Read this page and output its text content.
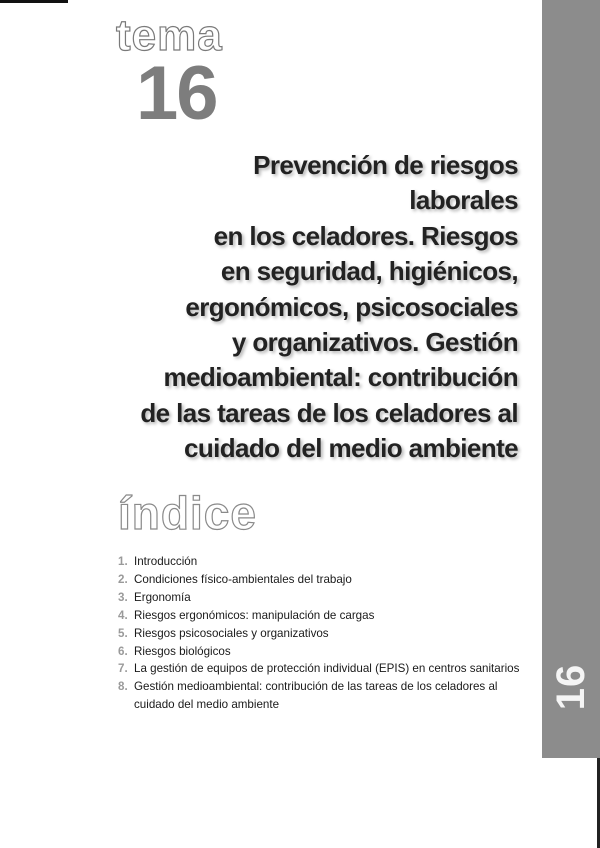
16
tema
16
Prevención de riesgos laborales
en los celadores. Riesgos
en seguridad, higiénicos,
ergonómicos, psicosociales
y organizativos. Gestión
medioambiental: contribución
de las tareas de los celadores al
cuidado del medio ambiente
índice
1. Introducción
2. Condiciones físico-ambientales del trabajo
3. Ergonomía
4. Riesgos ergonómicos: manipulación de cargas
5. Riesgos psicosociales y organizativos
6. Riesgos biológicos
7. La gestión de equipos de protección individual (EPIS) en centros sanitarios
8. Gestión medioambiental: contribución de las tareas de los celadores al cuidado del medio ambiente
